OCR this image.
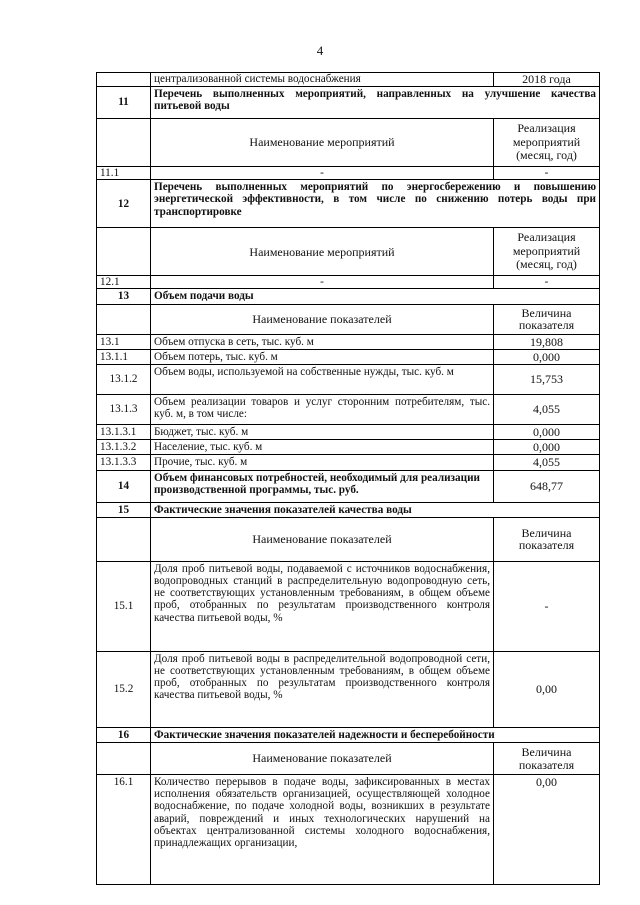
4
	централизованной системы водоснабжения	2018 года
11	Перечень выполненных мероприятий, направленных на улучшение качества питьевой воды	
	Наименование мероприятий	Реализация мероприятий (месяц, год)
11.1	-	-
12	Перечень выполненных мероприятий по энергосбережению и повышению энергетической эффективности, в том числе по снижению потерь воды при транспортировке	
	Наименование мероприятий	Реализация мероприятий (месяц, год)
12.1	-	-
13	Объем подачи воды	
	Наименование показателей	Величина показателя
13.1	Объем отпуска в сеть, тыс. куб. м	19,808
13.1.1	Объем потерь, тыс. куб. м	0,000
13.1.2	Объем воды, используемой на собственные нужды, тыс. куб. м	15,753
13.1.3	Объем реализации товаров и услуг сторонним потребителям, тыс. куб. м, в том числе:	4,055
13.1.3.1	Бюджет, тыс. куб. м	0,000
13.1.3.2	Население, тыс. куб. м	0,000
13.1.3.3	Прочие, тыс. куб. м	4,055
14	Объем финансовых потребностей, необходимый для реализации производственной программы, тыс. руб.	648,77
15	Фактические значения показателей качества воды	
	Наименование показателей	Величина показателя
15.1	Доля проб питьевой воды, подаваемой с источников водоснабжения, водопроводных станций в распределительную водопроводную сеть, не соответствующих установленным требованиям, в общем объеме проб, отобранных по результатам производственного контроля качества питьевой воды, %	-
15.2	Доля проб питьевой воды в распределительной водопроводной сети, не соответствующих установленным требованиям, в общем объеме проб, отобранных по результатам производственного контроля качества питьевой воды, %	0,00
16	Фактические значения показателей надежности и бесперебойности	
	Наименование показателей	Величина показателя
16.1	Количество перерывов в подаче воды, зафиксированных в местах исполнения обязательств организацией, осуществляющей холодное водоснабжение, по подаче холодной воды, возникших в результате аварий, повреждений и иных технологических нарушений на объектах централизованной системы холодного водоснабжения, принадлежащих организации,	0,00
